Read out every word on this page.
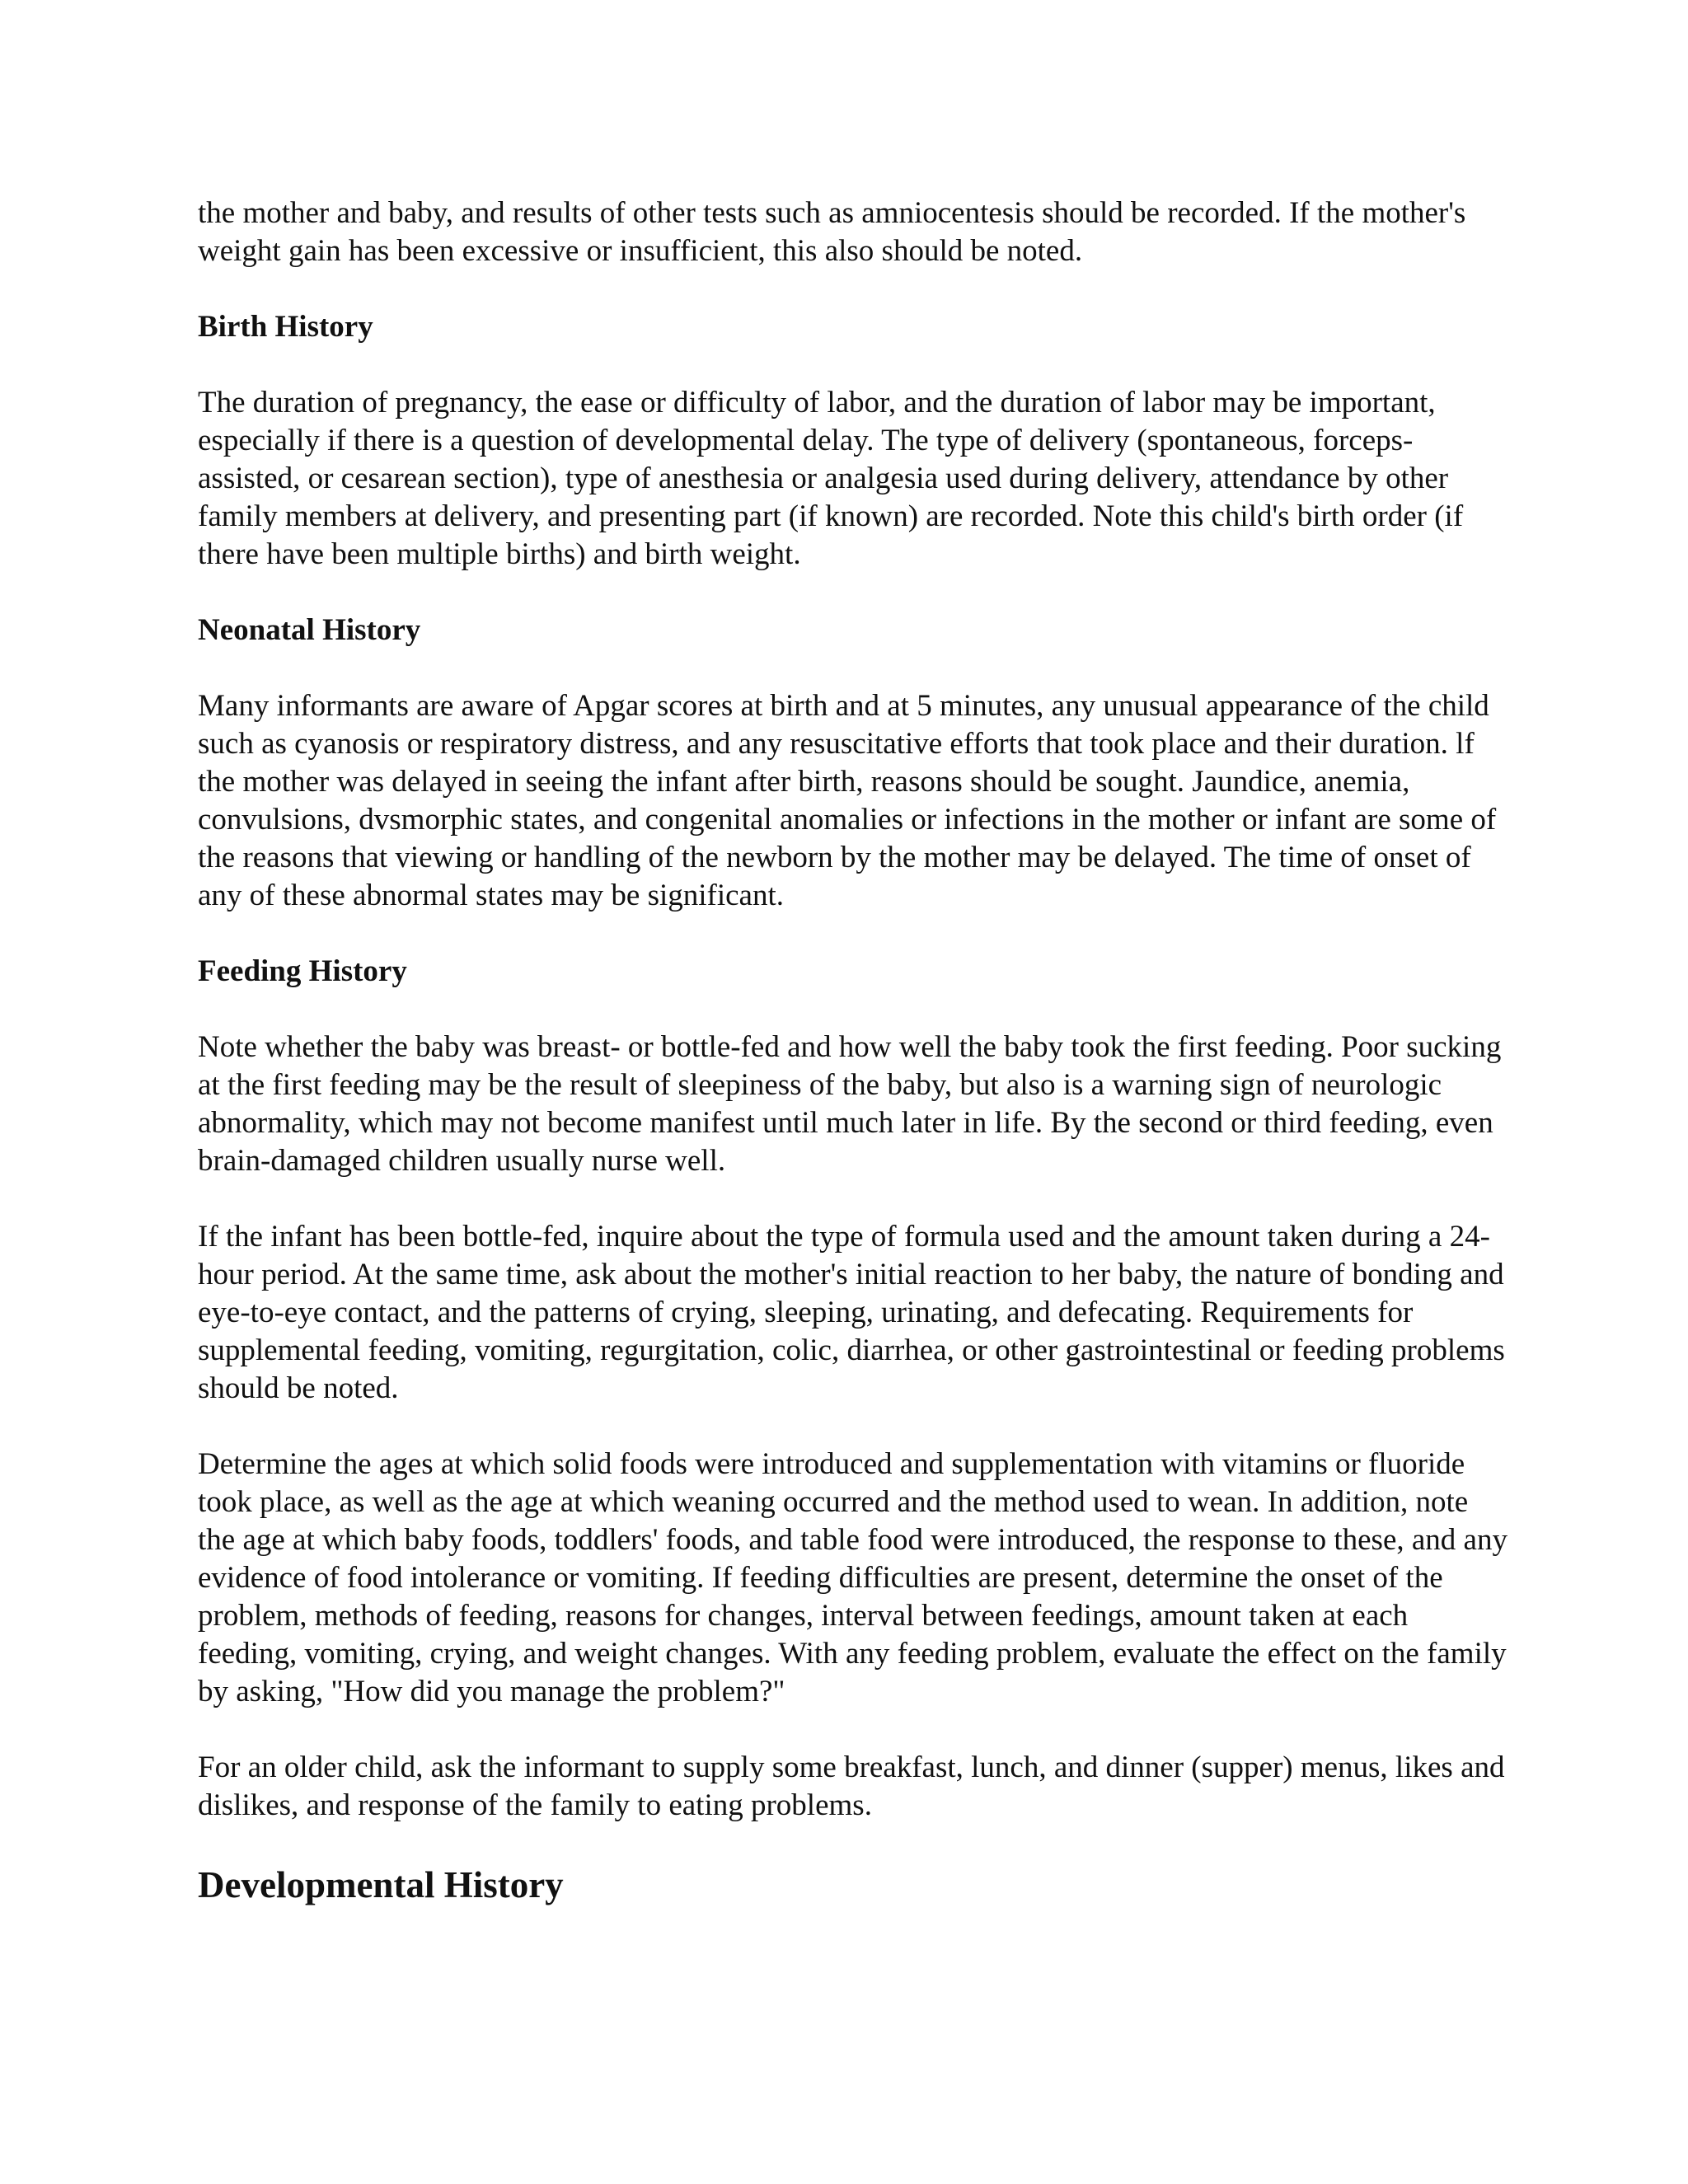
the mother and baby, and results of other tests such as amniocentesis should be recorded. If the mother's weight gain has been excessive or insufficient, this also should be noted.

Birth History

The duration of pregnancy, the ease or difficulty of labor, and the duration of labor may be important, especially if there is a question of developmental delay. The type of delivery (spontaneous, forceps-assisted, or cesarean section), type of anesthesia or analgesia used during delivery, attendance by other family members at delivery, and presenting part (if known) are recorded. Note this child's birth order (if there have been multiple births) and birth weight.

Neonatal History

Many informants are aware of Apgar scores at birth and at 5 minutes, any unusual appearance of the child such as cyanosis or respiratory distress, and any resuscitative efforts that took place and their duration. lf the mother was delayed in seeing the infant after birth, reasons should be sought. Jaundice, anemia, convulsions, dvsmorphic states, and congenital anomalies or infections in the mother or infant are some of the reasons that viewing or handling of the newborn by the mother may be delayed. The time of onset of any of these abnormal states may be significant.

Feeding History

Note whether the baby was breast- or bottle-fed and how well the baby took the first feeding. Poor sucking at the first feeding may be the result of sleepiness of the baby, but also is a warning sign of neurologic abnormality, which may not become manifest until much later in life. By the second or third feeding, even brain-damaged children usually nurse well.

If the infant has been bottle-fed, inquire about the type of formula used and the amount taken during a 24-hour period. At the same time, ask about the mother's initial reaction to her baby, the nature of bonding and eye-to-eye contact, and the patterns of crying, sleeping, urinating, and defecating. Requirements for supplemental feeding, vomiting, regurgitation, colic, diarrhea, or other gastrointestinal or feeding problems should be noted.

Determine the ages at which solid foods were introduced and supplementation with vitamins or fluoride took place, as well as the age at which weaning occurred and the method used to wean. In addition, note the age at which baby foods, toddlers' foods, and table food were introduced, the response to these, and any evidence of food intolerance or vomiting. If feeding difficulties are present, determine the onset of the problem, methods of feeding, reasons for changes, interval between feedings, amount taken at each feeding, vomiting, crying, and weight changes. With any feeding problem, evaluate the effect on the family by asking, "How did you manage the problem?"

For an older child, ask the informant to supply some breakfast, lunch, and dinner (supper) menus, likes and dislikes, and response of the family to eating problems.

Developmental History
